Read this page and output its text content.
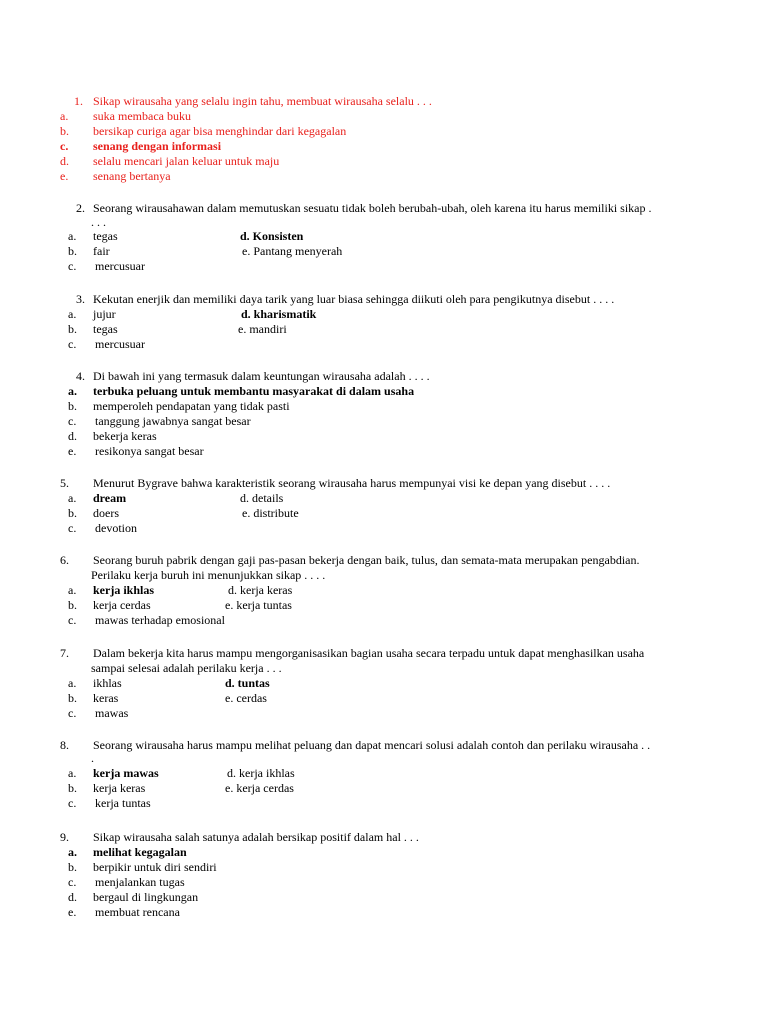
1. Sikap wirausaha yang selalu ingin tahu, membuat wirausaha selalu . . .
a. suka membaca buku
b. bersikap curiga agar bisa menghindar dari kegagalan
c. senang dengan informasi
d. selalu mencari jalan keluar untuk maju
e. senang bertanya
2. Seorang wirausahawan dalam memutuskan sesuatu tidak boleh berubah-ubah, oleh karena itu harus memiliki sikap .
. . .
a. tegas	d. Konsisten
b. fair	e. Pantang menyerah
c. mercusuar
3. Kekutan enerjik dan memiliki daya tarik yang luar biasa sehingga diikuti oleh para pengikutnya disebut . . . .
a. jujur	d. kharismatik
b. tegas	e. mandiri
c. mercusuar
4. Di bawah ini yang termasuk dalam keuntungan wirausaha adalah . . . .
a. terbuka peluang untuk membantu masyarakat di dalam usaha
b. memperoleh pendapatan yang tidak pasti
c. tanggung jawabnya sangat besar
d. bekerja keras
e. resikonya sangat besar
5. Menurut Bygrave bahwa karakteristik seorang wirausaha harus mempunyai visi ke depan yang disebut . . . .
a. dream	d. details
b. doers	e. distribute
c. devotion
6. Seorang buruh pabrik dengan gaji pas-pasan bekerja dengan baik, tulus, dan semata-mata merupakan pengabdian.
Perilaku kerja buruh ini menunjukkan sikap . . . .
a. kerja ikhlas	d. kerja keras
b. kerja cerdas	e. kerja tuntas
c. mawas terhadap emosional
7. Dalam bekerja kita harus mampu mengorganisasikan bagian usaha secara terpadu untuk dapat menghasilkan usaha
sampai selesai adalah perilaku kerja . . .
a. ikhlas	d. tuntas
b. keras	e. cerdas
c. mawas
8. Seorang wirausaha harus mampu melihat peluang dan dapat mencari solusi adalah contoh dan perilaku wirausaha . .
.
a. kerja mawas	d. kerja ikhlas
b. kerja keras	e. kerja cerdas
c. kerja tuntas
9. Sikap wirausaha salah satunya adalah bersikap positif dalam hal . . .
a. melihat kegagalan
b. berpikir untuk diri sendiri
c. menjalankan tugas
d. bergaul di lingkungan
e. membuat rencana
